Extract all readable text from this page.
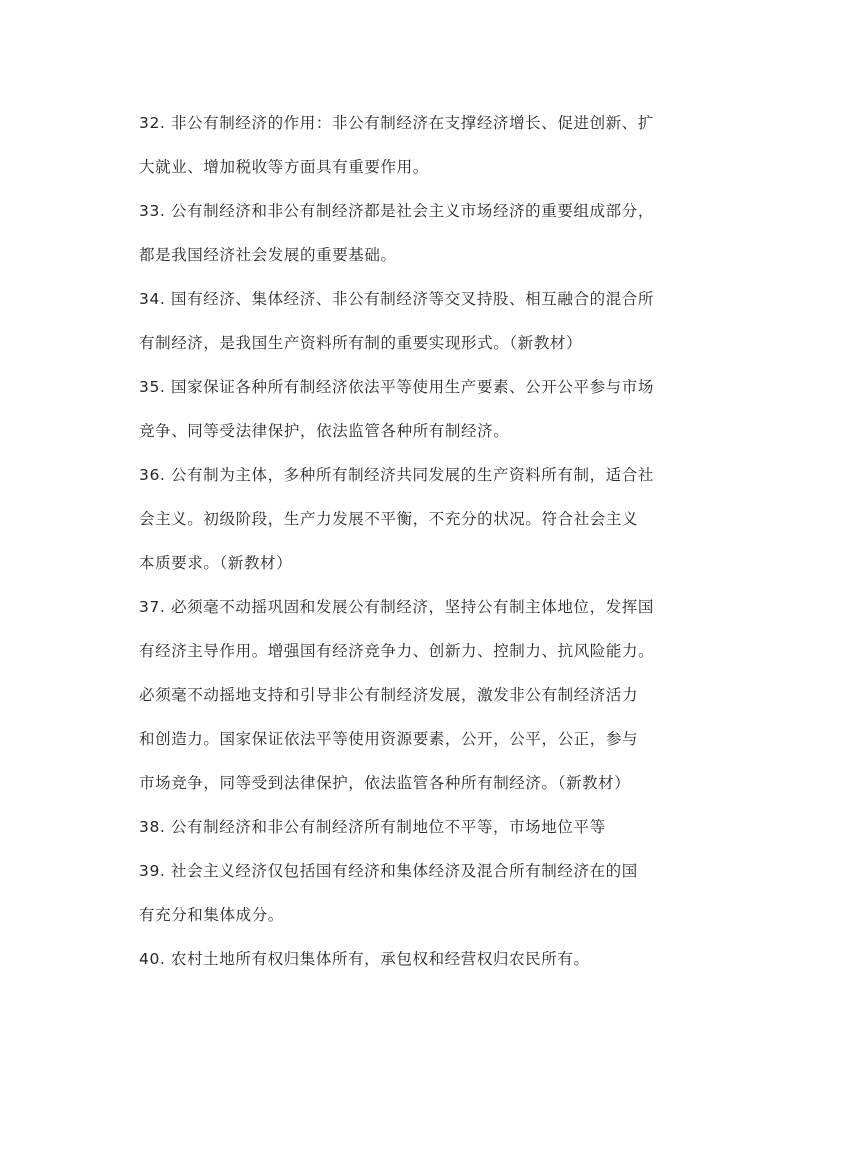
32. 非公有制经济的作用：非公有制经济在支撑经济增长、促进创新、扩
大就业、增加税收等方面具有重要作用。
33. 公有制经济和非公有制经济都是社会主义市场经济的重要组成部分，
都是我国经济社会发展的重要基础。
34. 国有经济、集体经济、非公有制经济等交叉持股、相互融合的混合所
有制经济，是我国生产资料所有制的重要实现形式。（新教材）
35. 国家保证各种所有制经济依法平等使用生产要素、公开公平参与市场
竞争、同等受法律保护，依法监管各种所有制经济。
36. 公有制为主体，多种所有制经济共同发展的生产资料所有制，适合社
会主义。初级阶段，生产力发展不平衡，不充分的状况。符合社会主义
本质要求。（新教材）
37. 必须毫不动摇巩固和发展公有制经济，坚持公有制主体地位，发挥国
有经济主导作用。增强国有经济竞争力、创新力、控制力、抗风险能力。
必须毫不动摇地支持和引导非公有制经济发展，激发非公有制经济活力
和创造力。国家保证依法平等使用资源要素，公开，公平，公正，参与
市场竞争，同等受到法律保护，依法监管各种所有制经济。（新教材）
38. 公有制经济和非公有制经济所有制地位不平等，市场地位平等
39. 社会主义经济仅包括国有经济和集体经济及混合所有制经济在的国
有充分和集体成分。
40. 农村土地所有权归集体所有，承包权和经营权归农民所有。
